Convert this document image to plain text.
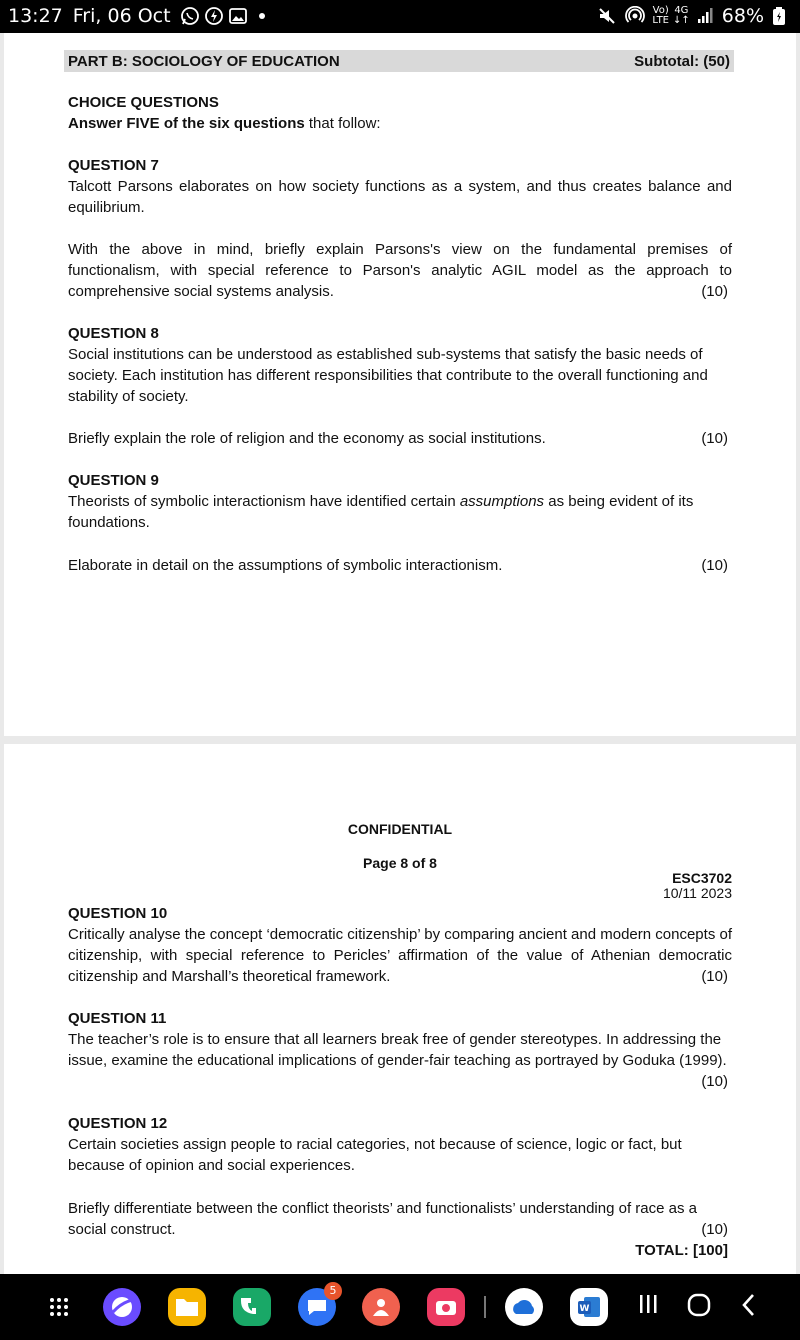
13:27 Fri, 06 Oct	Vo)
LTE
4G
↓↑ 68%
PART B: SOCIOLOGY OF EDUCATION	Subtotal: (50)
CHOICE QUESTIONS
Answer FIVE of the six questions that follow:
QUESTION 7
Talcott Parsons elaborates on how society functions as a system, and thus creates balance and equilibrium.
With the above in mind, briefly explain Parsons's view on the fundamental premises of functionalism, with special reference to Parson's analytic AGIL model as the approach to comprehensive social systems analysis.	(10)
QUESTION 8
Social institutions can be understood as established sub-systems that satisfy the basic needs of society. Each institution has different responsibilities that contribute to the overall functioning and stability of society.
Briefly explain the role of religion and the economy as social institutions.	(10)
QUESTION 9
Theorists of symbolic interactionism have identified certain assumptions as being evident of its foundations.
Elaborate in detail on the assumptions of symbolic interactionism.	(10)
CONFIDENTIAL
Page 8 of 8
ESC3702
10/11 2023
QUESTION 10
Critically analyse the concept ‘democratic citizenship’ by comparing ancient and modern concepts of citizenship, with special reference to Pericles’ affirmation of the value of Athenian democratic citizenship and Marshall’s theoretical framework.	(10)
QUESTION 11
The teacher’s role is to ensure that all learners break free of gender stereotypes. In addressing the issue, examine the educational implications of gender-fair teaching as portrayed by Goduka (1999).
(10)
QUESTION 12
Certain societies assign people to racial categories, not because of science, logic or fact, but because of opinion and social experiences.
Briefly differentiate between the conflict theorists’ and functionalists’ understanding of race as a social construct.	(10)
TOTAL: [100]
5
W
